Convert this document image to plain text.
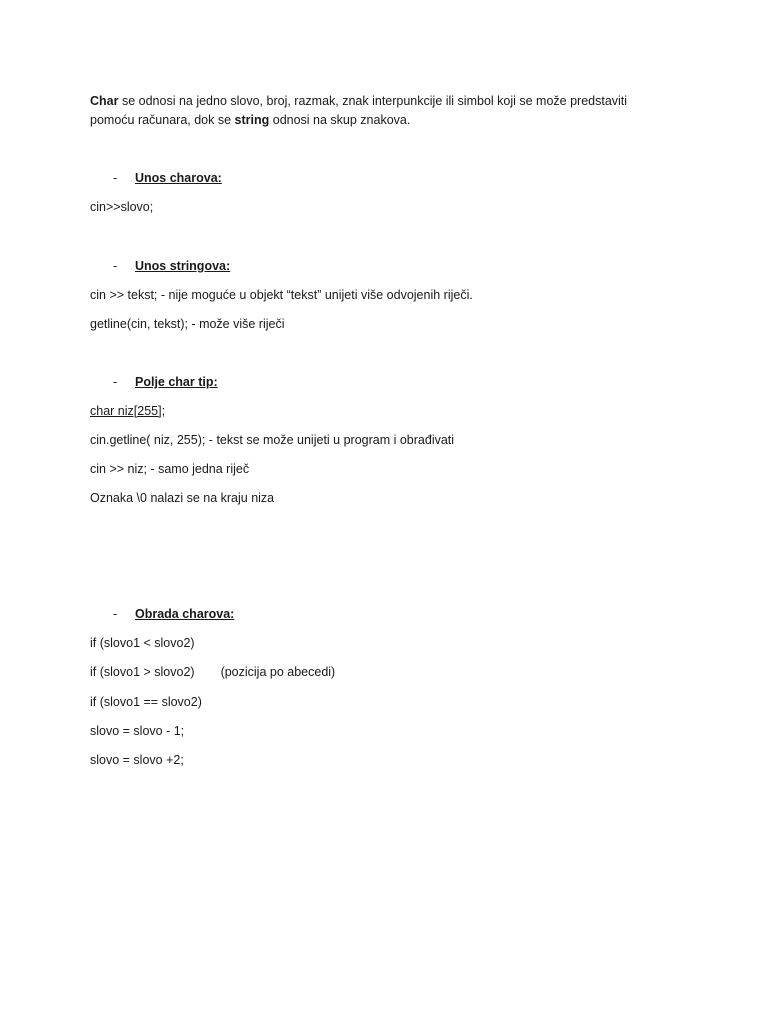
Char se odnosi na jedno slovo, broj, razmak, znak interpunkcije ili simbol koji se može predstaviti
pomoću računara, dok se string odnosi na skup znakova.
- Unos charova:
cin>>slovo;
- Unos stringova:
cin >> tekst; - nije moguće u objekt “tekst” unijeti više odvojenih riječi.
getline(cin, tekst); - može više riječi
- Polje char tip:
char niz[255];
cin.getline( niz, 255); - tekst se može unijeti u program i obrađivati
cin >> niz; - samo jedna riječ
Oznaka \0 nalazi se na kraju niza
- Obrada charova:
if (slovo1 < slovo2)
if (slovo1 > slovo2) (pozicija po abecedi)
if (slovo1 == slovo2)
slovo = slovo - 1;
slovo = slovo +2;
